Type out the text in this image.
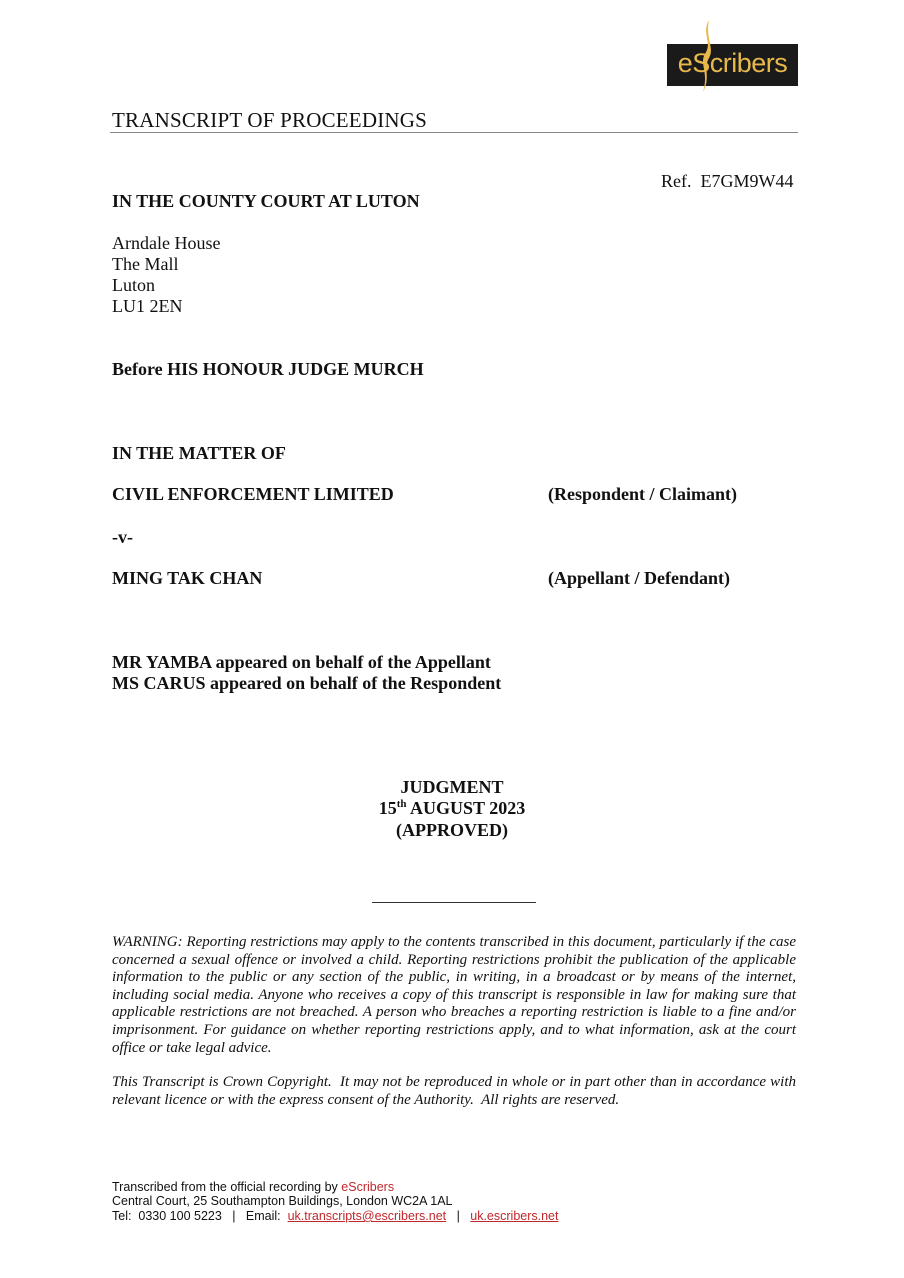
eScribers
TRANSCRIPT OF PROCEEDINGS
Ref.  E7GM9W44
IN THE COUNTY COURT AT LUTON
Arndale House
The Mall
Luton
LU1 2EN
Before HIS HONOUR JUDGE MURCH
IN THE MATTER OF
CIVIL ENFORCEMENT LIMITED	(Respondent / Claimant)
-v-
MING TAK CHAN	(Appellant / Defendant)
MR YAMBA appeared on behalf of the Appellant
MS CARUS appeared on behalf of the Respondent
JUDGMENT
15th AUGUST 2023
(APPROVED)
WARNING: Reporting restrictions may apply to the contents transcribed in this document, particularly if the case concerned a sexual offence or involved a child. Reporting restrictions prohibit the publication of the applicable information to the public or any section of the public, in writing, in a broadcast or by means of the internet, including social media. Anyone who receives a copy of this transcript is responsible in law for making sure that applicable restrictions are not breached. A person who breaches a reporting restriction is liable to a fine and/or imprisonment. For guidance on whether reporting restrictions apply, and to what information, ask at the court office or take legal advice.
This Transcript is Crown Copyright.  It may not be reproduced in whole or in part other than in accordance with relevant licence or with the express consent of the Authority.  All rights are reserved.
Transcribed from the official recording by eScribers
Central Court, 25 Southampton Buildings, London WC2A 1AL
Tel:  0330 100 5223   |   Email:  uk.transcripts@escribers.net   |   uk.escribers.net
